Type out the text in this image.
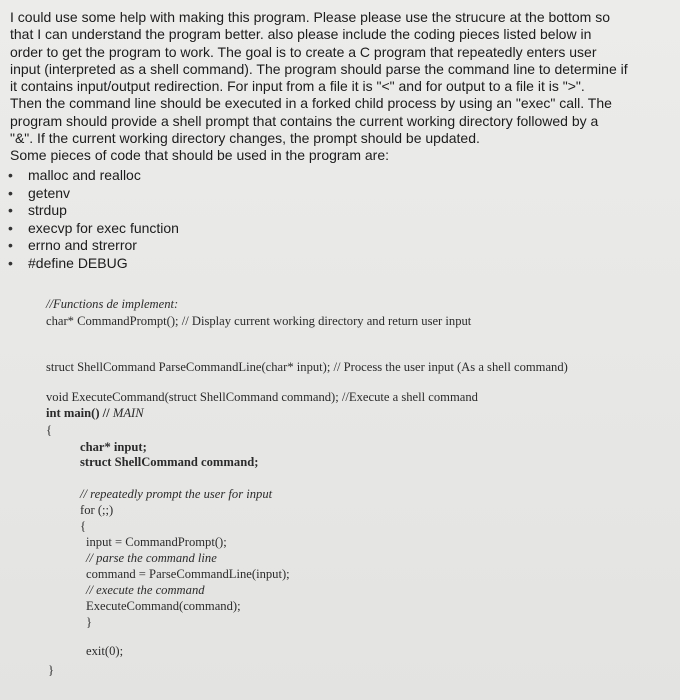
I could use some help with making this program. Please please use the strucure at the bottom so
that I can understand the program better. also please include the coding pieces listed below in
order to get the program to work. The goal is to create a C program that repeatedly enters user
input (interpreted as a shell command). The program should parse the command line to determine if
it contains input/output redirection. For input from a file it is "<" and for output to a file it is ">".
Then the command line should be executed in a forked child process by using an "exec" call. The
program should provide a shell prompt that contains the current working directory followed by a
"&". If the current working directory changes, the prompt should be updated.
Some pieces of code that should be used in the program are:
• malloc and realloc
• getenv
• strdup
• execvp for exec function
• errno and strerror
• #define DEBUG
//Functions de implement:
char* CommandPrompt(); // Display current working directory and return user input
struct ShellCommand ParseCommandLine(char* input); // Process the user input (As a shell command)
void ExecuteCommand(struct ShellCommand command); //Execute a shell command
int main() // MAIN
{
char* input;
struct ShellCommand command;
// repeatedly prompt the user for input
for (;;)
{
input = CommandPrompt();
// parse the command line
command = ParseCommandLine(input);
// execute the command
ExecuteCommand(command);
}
exit(0);
}
